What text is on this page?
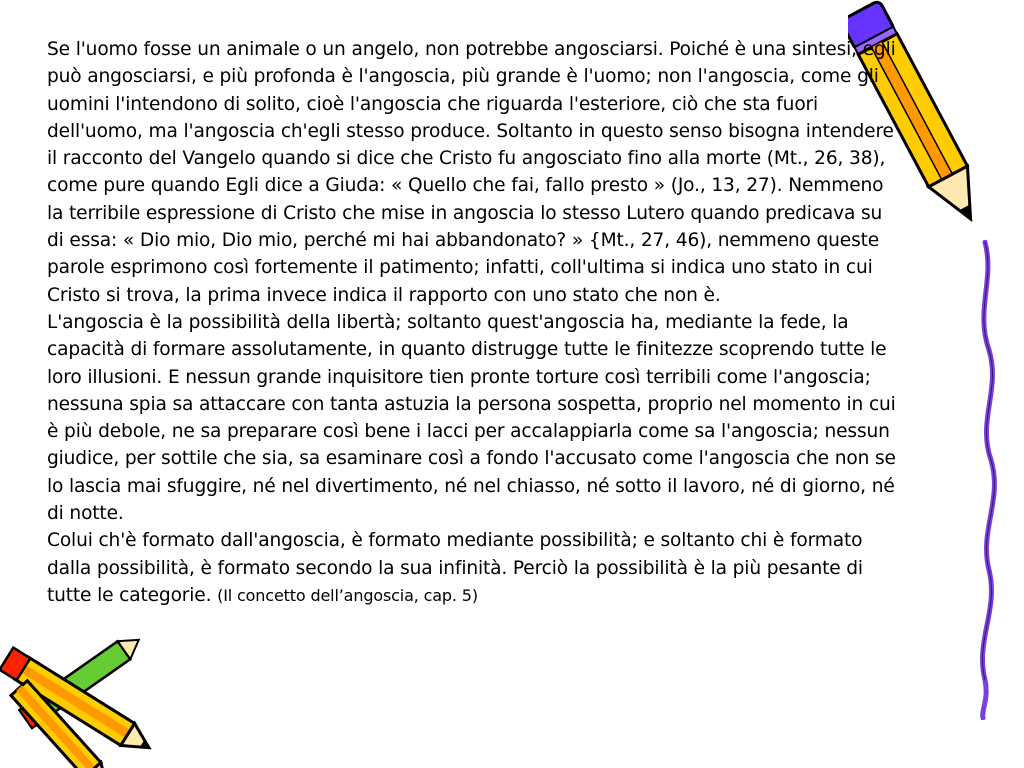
Se l'uomo fosse un animale o un angelo, non potrebbe angosciarsi. Poiché è una sintesi, egli può angosciarsi, e più profonda è l'angoscia, più grande è l'uomo; non l'angoscia, come gli uomini l'intendono di solito, cioè l'angoscia che riguarda l'esteriore, ciò che sta fuori dell'uomo, ma l'angoscia ch'egli stesso produce. Soltanto in questo senso bisogna intendere il racconto del Vangelo quando si dice che Cristo fu angosciato fino alla morte (Mt., 26, 38), come pure quando Egli dice a Giuda: « Quello che fai, fallo presto » (Jo., 13, 27). Nemmeno la terribile espressione di Cristo che mise in angoscia lo stesso Lutero quando predicava su di essa: « Dio mio, Dio mio, perché mi hai abbandonato? » {Mt., 27, 46), nemmeno queste parole esprimono così fortemente il patimento; infatti, coll'ultima si indica uno stato in cui Cristo si trova, la prima invece indica il rapporto con uno stato che non è.

L'angoscia è la possibilità della libertà; soltanto quest'angoscia ha, mediante la fede, la capacità di formare assolutamente, in quanto distrugge tutte le finitezze scoprendo tutte le loro illusioni. E nessun grande inquisitore tien pronte torture così terribili come l'angoscia; nessuna spia sa attaccare con tanta astuzia la persona sospetta, proprio nel momento in cui è più debole, ne sa preparare così bene i lacci per accalappiarla come sa l'angoscia; nessun giudice, per sottile che sia, sa esaminare così a fondo l'accusato come l'angoscia che non se lo lascia mai sfuggire, né nel divertimento, né nel chiasso, né sotto il lavoro, né di giorno, né di notte.

Colui ch'è formato dall'angoscia, è formato mediante possibilità; e soltanto chi è formato dalla possibilità, è formato secondo la sua infinità. Perciò la possibilità è la più pesante di tutte le categorie. (Il concetto dell’angoscia, cap. 5)
